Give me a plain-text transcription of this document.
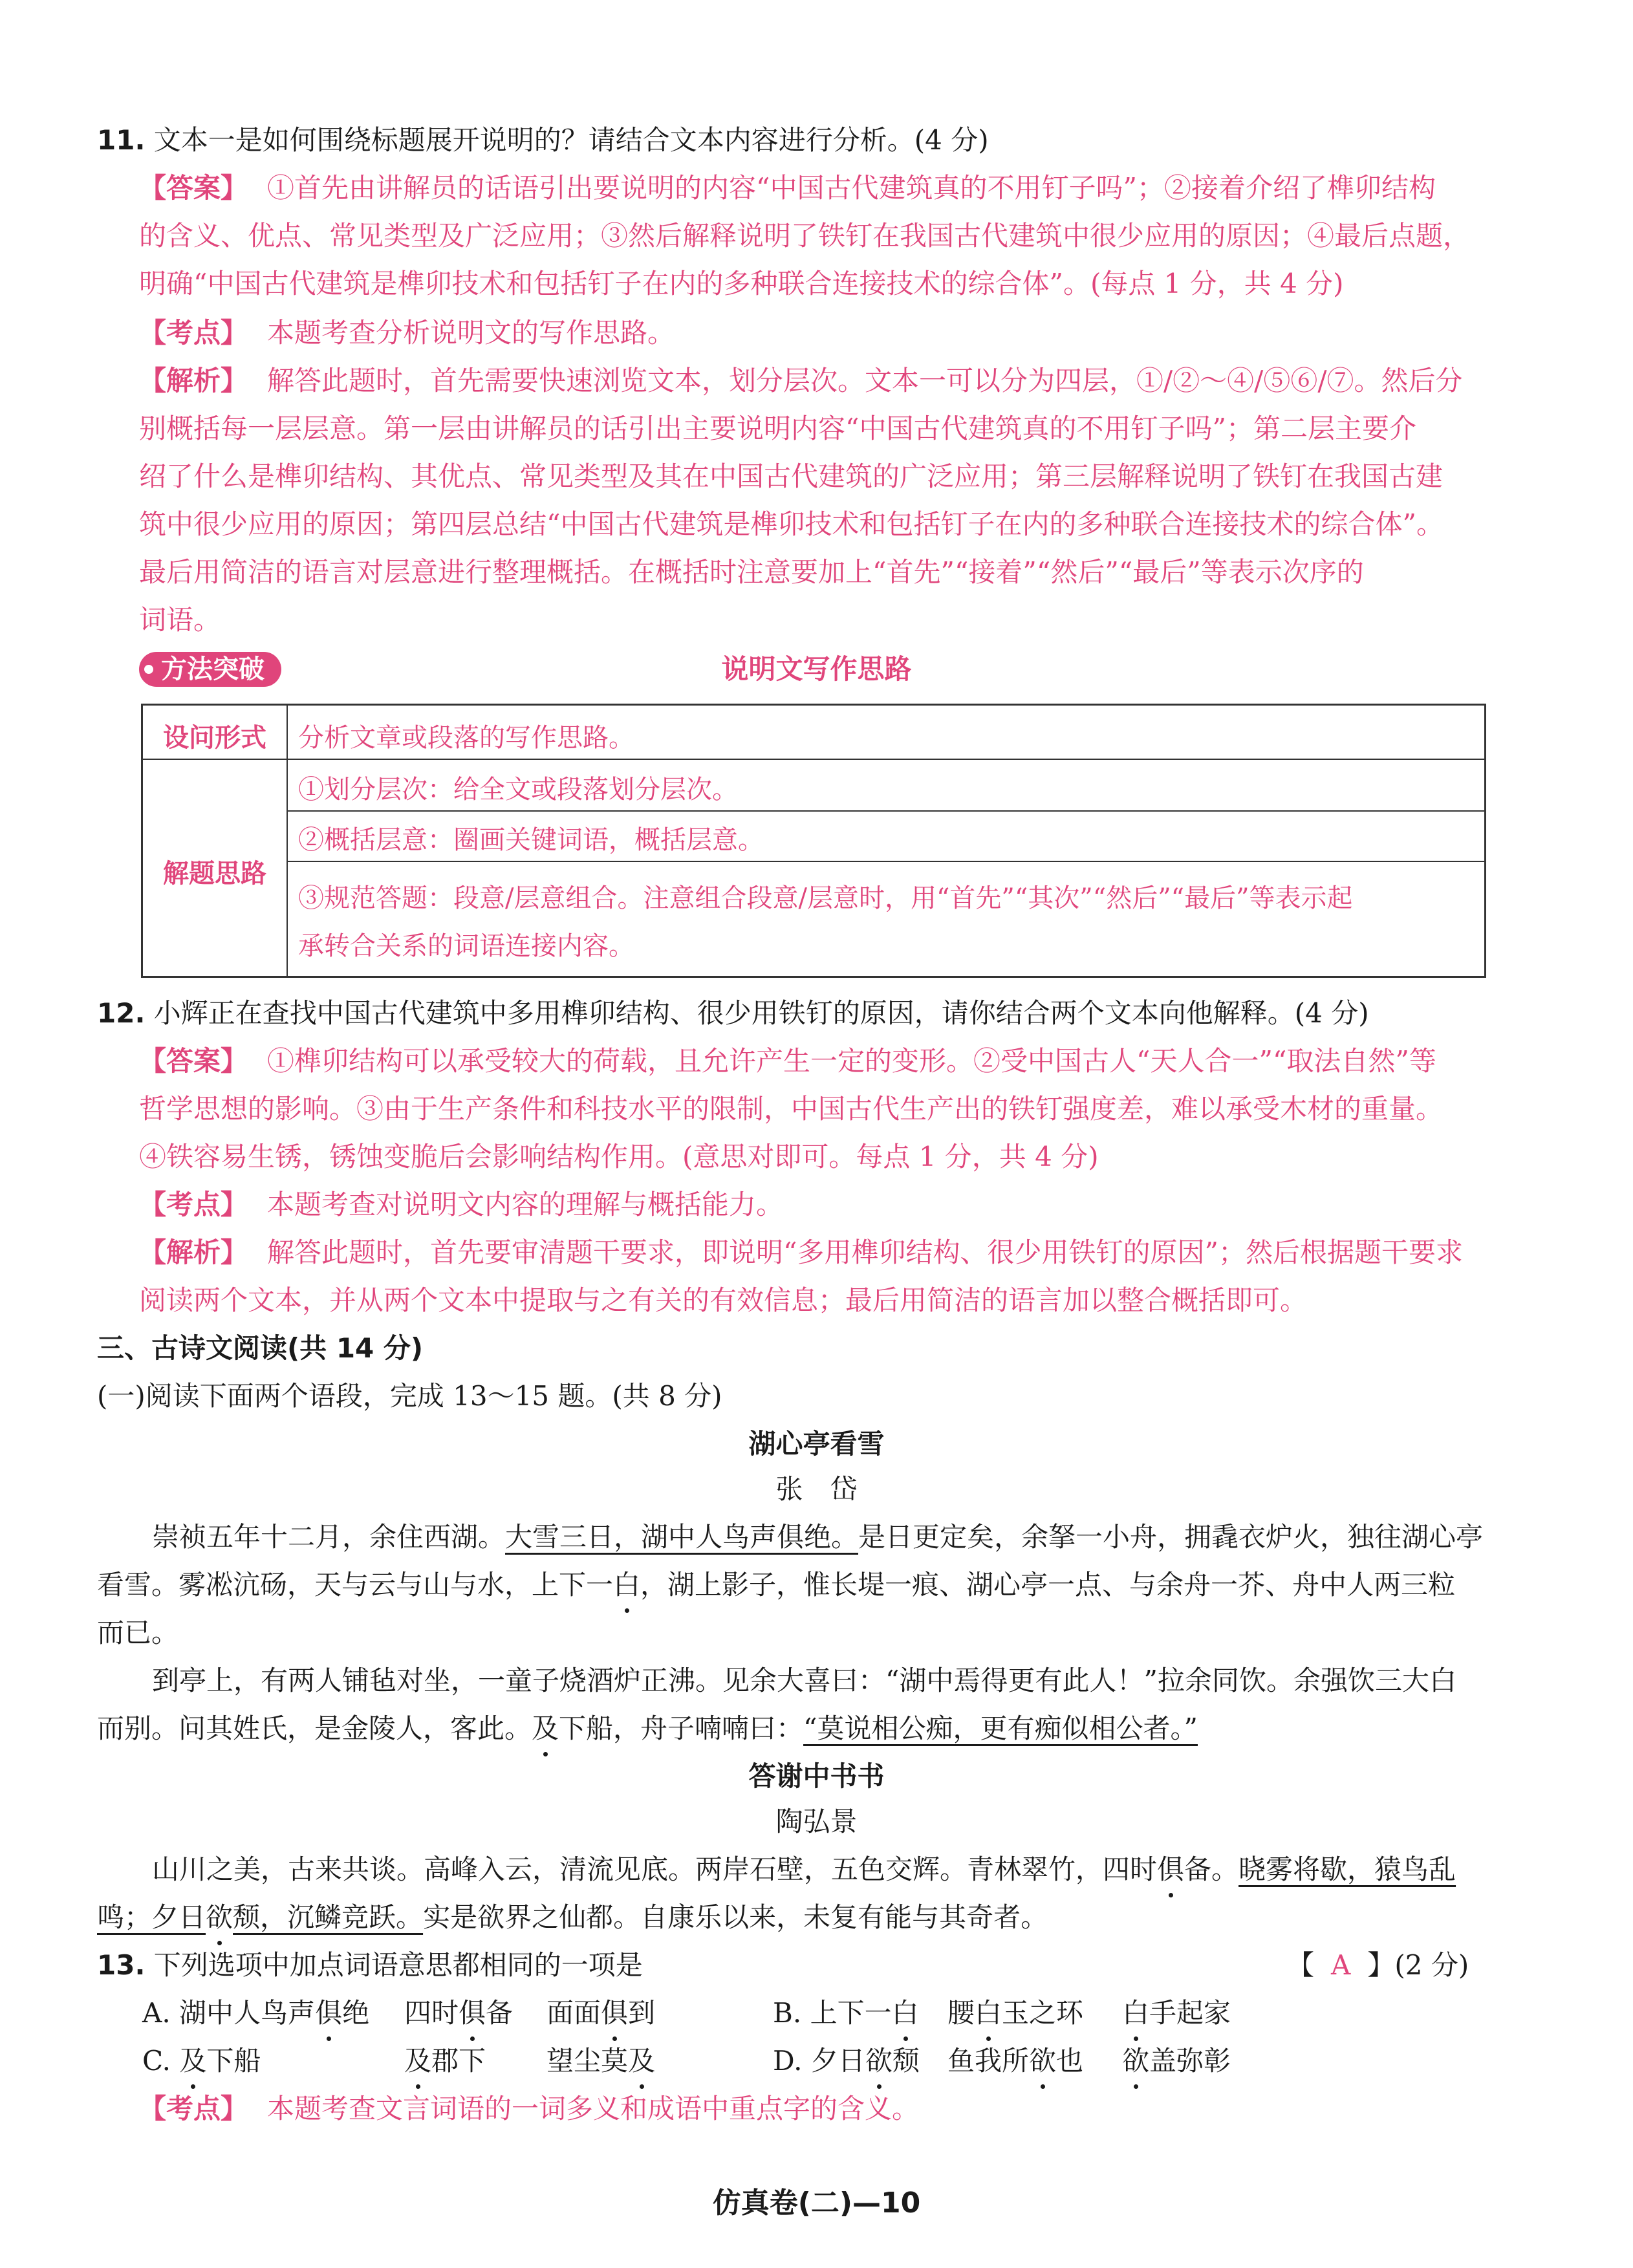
11. 文本一是如何围绕标题展开说明的？请结合文本内容进行分析。(4 分)
【答案】 ①首先由讲解员的话语引出要说明的内容“中国古代建筑真的不用钉子吗”；②接着介绍了榫卯结构
的含义、优点、常见类型及广泛应用；③然后解释说明了铁钉在我国古代建筑中很少应用的原因；④最后点题，
明确“中国古代建筑是榫卯技术和包括钉子在内的多种联合连接技术的综合体”。(每点 1 分，共 4 分)
【考点】 本题考查分析说明文的写作思路。
【解析】 解答此题时，首先需要快速浏览文本，划分层次。文本一可以分为四层，①/②～④/⑤⑥/⑦。然后分
别概括每一层层意。第一层由讲解员的话引出主要说明内容“中国古代建筑真的不用钉子吗”；第二层主要介
绍了什么是榫卯结构、其优点、常见类型及其在中国古代建筑的广泛应用；第三层解释说明了铁钉在我国古建
筑中很少应用的原因；第四层总结“中国古代建筑是榫卯技术和包括钉子在内的多种联合连接技术的综合体”。
最后用简洁的语言对层意进行整理概括。在概括时注意要加上“首先”“接着”“然后”“最后”等表示次序的
词语。
方法突破	说明文写作思路
设问形式	分析文章或段落的写作思路。
解题思路
①划分层次：给全文或段落划分层次。
②概括层意：圈画关键词语，概括层意。
③规范答题：段意/层意组合。注意组合段意/层意时，用“首先”“其次”“然后”“最后”等表示起
承转合关系的词语连接内容。
12. 小辉正在查找中国古代建筑中多用榫卯结构、很少用铁钉的原因，请你结合两个文本向他解释。(4 分)
【答案】 ①榫卯结构可以承受较大的荷载，且允许产生一定的变形。②受中国古人“天人合一”“取法自然”等
哲学思想的影响。③由于生产条件和科技水平的限制，中国古代生产出的铁钉强度差，难以承受木材的重量。
④铁容易生锈，锈蚀变脆后会影响结构作用。(意思对即可。每点 1 分，共 4 分)
【考点】 本题考查对说明文内容的理解与概括能力。
【解析】 解答此题时，首先要审清题干要求，即说明“多用榫卯结构、很少用铁钉的原因”；然后根据题干要求
阅读两个文本，并从两个文本中提取与之有关的有效信息；最后用简洁的语言加以整合概括即可。
三、古诗文阅读(共 14 分)
(一)阅读下面两个语段，完成 13～15 题。(共 8 分)
湖心亭看雪
张　岱
崇祯五年十二月，余住西湖。大雪三日，湖中人鸟声俱绝。是日更定矣，余拏一小舟，拥毳衣炉火，独往湖心亭
看雪。雾凇沆砀，天与云与山与水，上下一白，湖上影子，惟长堤一痕、湖心亭一点、与余舟一芥、舟中人两三粒
而已。
到亭上，有两人铺毡对坐，一童子烧酒炉正沸。见余大喜曰：“湖中焉得更有此人！”拉余同饮。余强饮三大白
而别。问其姓氏，是金陵人，客此。及下船，舟子喃喃曰：“莫说相公痴，更有痴似相公者。”
答谢中书书
陶弘景
山川之美，古来共谈。高峰入云，清流见底。两岸石壁，五色交辉。青林翠竹，四时俱备。晓雾将歇，猿鸟乱
鸣；夕日欲颓，沉鳞竞跃。实是欲界之仙都。自康乐以来，未复有能与其奇者。
13. 下列选项中加点词语意思都相同的一项是	【 A 】(2 分)
A. 湖中人鸟声俱绝 四时俱备 面面俱到	B. 上下一白 腰白玉之环 白手起家
C. 及下船	及郡下 望尘莫及	D. 夕日欲颓 鱼我所欲也 欲盖弥彰
【考点】 本题考查文言词语的一词多义和成语中重点字的含义。
仿真卷(二)—10
